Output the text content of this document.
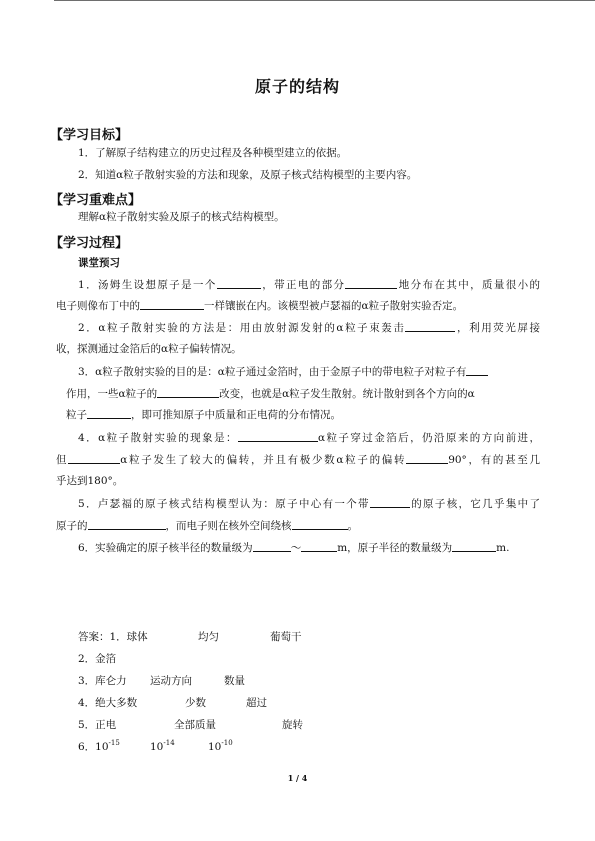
原子的结构
【学习目标】
1．了解原子结构建立的历史过程及各种模型建立的依据。
2．知道α粒子散射实验的方法和现象，及原子核式结构模型的主要内容。
【学习重难点】
理解α粒子散射实验及原子的核式结构模型。
【学习过程】
课堂预习
1．汤姆生设想原子是一个	，带正电的部分	地分布在其中，质量很小的
电子则像布丁中的	一样镶嵌在内。该模型被卢瑟福的α粒子散射实验否定。
2．α粒子散射实验的方法是：用由放射源发射的α粒子束轰击	，利用荧光屏接
收，探测通过金箔后的α粒子偏转情况。
3．α粒子散射实验的目的是：α粒子通过金箔时，由于金原子中的带电粒子对粒子有
作用，一些α粒子的	改变，也就是α粒子发生散射。统计散射到各个方向的α
粒子	，即可推知原子中质量和正电荷的分布情况。
4．α粒子散射实验的现象是：	α粒子穿过金箔后，仍沿原来的方向前进，
但	α粒子发生了较大的偏转，并且有极少数α粒子的偏转	90°，有的甚至几
乎达到180°。
5．卢瑟福的原子核式结构模型认为：原子中心有一个带	的原子核，它几乎集中了
原子的	，而电子则在核外空间绕核	。
6．实验确定的原子核半径的数量级为	～	m，原子半径的数量级为	m.
答案：1．球体	均匀	葡萄干
2．金箔
3．库仑力 运动方向	数量
4．绝大多数	少数	超过
5．正电	全部质量	旋转
6．$10^{-15}$	$10^{-14}$	$10^{-10}$
1 / 4
